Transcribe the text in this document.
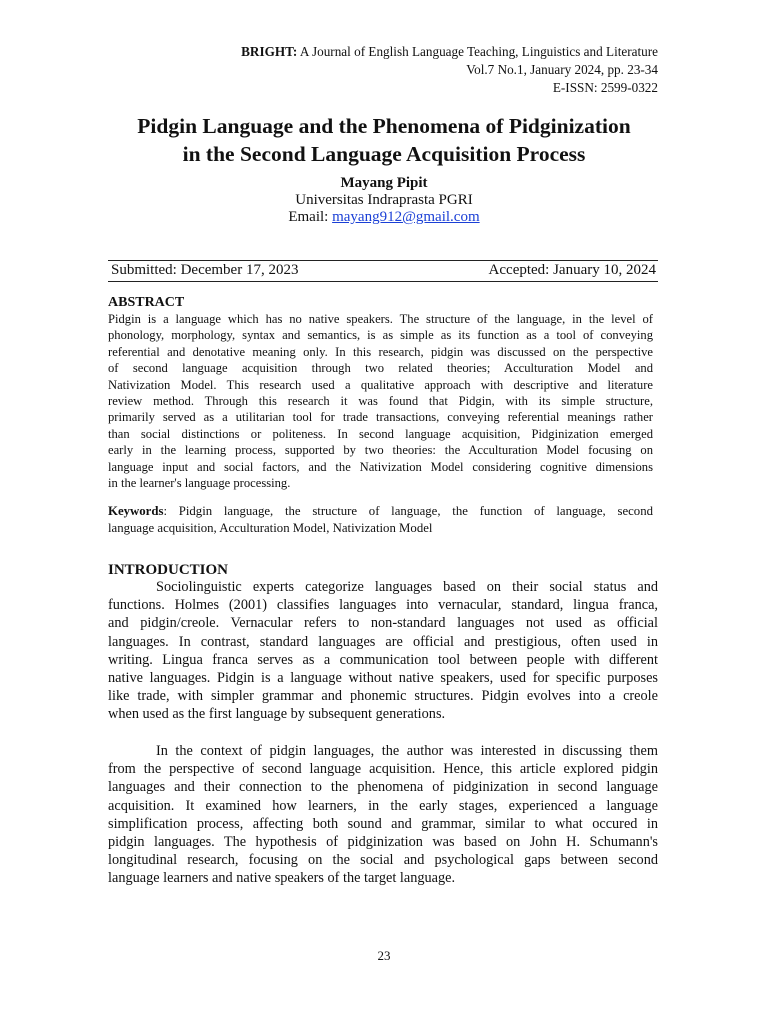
BRIGHT: A Journal of English Language Teaching, Linguistics and Literature
Vol.7 No.1, January 2024, pp. 23-34
E-ISSN: 2599-0322
Pidgin Language and the Phenomena of Pidginization
in the Second Language Acquisition Process
Mayang Pipit
Universitas Indraprasta PGRI
Email: mayang912@gmail.com
Submitted: December 17, 2023	Accepted: January 10, 2024
ABSTRACT
Pidgin is a language which has no native speakers. The structure of the language, in the level of
phonology, morphology, syntax and semantics, is as simple as its function as a tool of conveying
referential and denotative meaning only. In this research, pidgin was discussed on the perspective
of second language acquisition through two related theories; Acculturation Model and
Nativization Model. This research used a qualitative approach with descriptive and literature
review method. Through this research it was found that Pidgin, with its simple structure,
primarily served as a utilitarian tool for trade transactions, conveying referential meanings rather
than social distinctions or politeness. In second language acquisition, Pidginization emerged
early in the learning process, supported by two theories: the Acculturation Model focusing on
language input and social factors, and the Nativization Model considering cognitive dimensions
in the learner's language processing.
Keywords: Pidgin language, the structure of language, the function of language, second
language acquisition, Acculturation Model, Nativization Model
INTRODUCTION
Sociolinguistic experts categorize languages based on their social status and
functions. Holmes (2001) classifies languages into vernacular, standard, lingua franca,
and pidgin/creole. Vernacular refers to non-standard languages not used as official
languages. In contrast, standard languages are official and prestigious, often used in
writing. Lingua franca serves as a communication tool between people with different
native languages. Pidgin is a language without native speakers, used for specific purposes
like trade, with simpler grammar and phonemic structures. Pidgin evolves into a creole
when used as the first language by subsequent generations.
In the context of pidgin languages, the author was interested in discussing them
from the perspective of second language acquisition. Hence, this article explored pidgin
languages and their connection to the phenomena of pidginization in second language
acquisition. It examined how learners, in the early stages, experienced a language
simplification process, affecting both sound and grammar, similar to what occured in
pidgin languages. The hypothesis of pidginization was based on John H. Schumann's
longitudinal research, focusing on the social and psychological gaps between second
language learners and native speakers of the target language.
23
